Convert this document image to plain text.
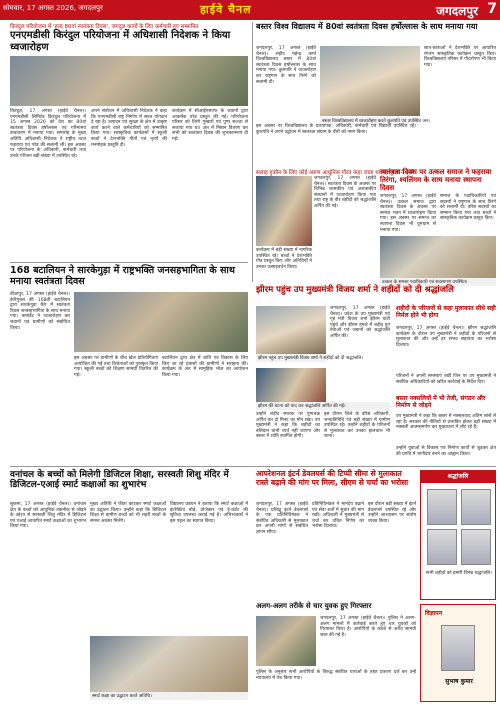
सोमवार, 17 अगस्त 2026, जगदलपुर	हाईवे चैनल	जगदलपुर 7
किरंदुल परियोजना में 'हल्द 80वां स्वतंत्रता दिवस', जगदुल कार्यों के लिए कर्मचारी हुए सम्मानित
एनएमडीसी किरंदुल परियोजना में अधिशासी निदेशक ने किया ध्वजारोहण
किरंदुल, 17 अगस्त (हाईवे चैनल)। एनएमडीसी लिमिटेड किरंदुल परियोजना में 15 अगस्त 2026 को देश का 80वां स्वतंत्रता दिवस हर्षोल्लास एवं गरिमामय वातावरण में मनाया गया। समारोह के मुख्य अतिथि अधिशासी निदेशक ने राष्ट्रीय ध्वज फहराया एवं परेड की सलामी ली। इस अवसर पर परियोजना के अधिकारी, कर्मचारी तथा उनके परिजन बड़ी संख्या में उपस्थित रहे।
अपने संबोधन में अधिशासी निदेशक ने कहा कि एनएमडीसी राष्ट्र निर्माण में सतत योगदान दे रहा है। उत्पादन एवं सुरक्षा के क्षेत्र में उत्कृष्ट कार्य करने वाले कर्मचारियों को सम्मानित किया गया। सांस्कृतिक कार्यक्रमों में स्कूली बच्चों ने देशभक्ति गीतों एवं नृत्यों की मनमोहक प्रस्तुति दी।
कार्यक्रम में सीआईएसएफ के जवानों द्वारा आकर्षक परेड प्रस्तुत की गई। परियोजना परिसर को तिरंगे गुब्बारों एवं पुष्प सज्जा से सजाया गया था। अंत में मिष्ठान वितरण कर सभी को स्वतंत्रता दिवस की शुभकामनाएं दी गईं।
बस्तर विश्व विद्यालय में 80वां स्वतंत्रता दिवस हर्षोल्लास के साथ मनाया गया
जगदलपुर, 17 अगस्त (हाईवे चैनल)। शहीद महेन्द्र कर्मा विश्वविद्यालय बस्तर में 80वां स्वतंत्रता दिवस हर्षोल्लास के साथ मनाया गया। कुलपति ने ध्वजारोहण कर राष्ट्रगान के साथ तिरंगे को सलामी दी।
बस्तर विश्वविद्यालय में ध्वजारोहण करते कुलपति एवं उपस्थित जन।
इस अवसर पर विश्वविद्यालय के प्राध्यापक, अधिकारी, कर्मचारी एवं विद्यार्थी उपस्थित रहे। कुलपति ने अपने उद्बोधन में स्वतंत्रता संग्राम के वीरों को नमन किया।
छात्र-छात्राओं ने देशभक्ति पर आधारित रंगारंग सांस्कृतिक कार्यक्रम प्रस्तुत किए। विश्वविद्यालय परिसर में पौधरोपण भी किया गया।
सलाह हुकौन के लिए कोई अरुण आधुनिक गौरव कहा जाता था वह गुप्ता ने आगे
जगदलपुर, 17 अगस्त (हाईवे चैनल)। स्वतंत्रता दिवस के अवसर पर विभिन्न शासकीय एवं अशासकीय संस्थानों में ध्वजारोहण किया गया तथा राष्ट्र के वीर शहीदों को श्रद्धांजलि अर्पित की गई।
कार्यक्रम में बड़ी संख्या में नागरिक उपस्थित रहे। बच्चों ने देशभक्ति गीत प्रस्तुत किए और अतिथियों ने उनका उत्साहवर्धन किया।
स्वतंत्रता दिवस पर उत्कल समाज ने फहराया तिरंगा, श्यलिंगम के साथ मनाया स्थापना दिवस
जगदलपुर, 17 अगस्त (हाईवे चैनल)। उत्कल समाज द्वारा स्वतंत्रता दिवस के अवसर पर समाज भवन में ध्वजारोहण किया गया। इस अवसर पर समाज का स्थापना दिवस भी धूमधाम से मनाया गया।
समाज के पदाधिकारियों एवं सदस्यों ने राष्ट्रगान के साथ तिरंगे को सलामी दी। वरिष्ठ सदस्यों का सम्मान किया गया तथा बच्चों ने सांस्कृतिक कार्यक्रम प्रस्तुत किए।
उत्कल के समस्त पदाधिकारी एवं सदस्यगण उपस्थित।
168 बटालियन ने सारकेगुड़ा में राष्ट्रभक्ति जनसहभागिता के साथ मनाया स्वतंत्रता दिवस
बीजापुर, 17 अगस्त (हाईवे चैनल)। केरिपुबल की 168वीं बटालियन द्वारा सारकेगुड़ा कैंप में स्वतंत्रता दिवस जनसहभागिता के साथ मनाया गया। कमांडेंट ने ध्वजारोहण कर जवानों एवं ग्रामीणों को संबोधित किया।
इस अवसर पर ग्रामीणों के बीच खेल प्रतियोगिताएं आयोजित की गईं तथा विजेताओं को पुरस्कृत किया गया। स्कूली बच्चों को शिक्षण सामग्री वितरित की गई।
बटालियन द्वारा क्षेत्र में शांति एवं विकास के लिए किए जा रहे प्रयासों की ग्रामीणों ने सराहना की। कार्यक्रम के अंत में सामूहिक भोज का आयोजन किया गया।
झीरम पहुंच उप मुख्यमंत्री विजय शर्मा ने शहीदों को दी श्रद्धांजलि
झीरम पहुंच उप मुख्यमंत्री विजय शर्मा ने शहीदों को दी श्रद्धांजलि।
जगदलपुर, 17 अगस्त (हाईवे चैनल)। प्रदेश के उप मुख्यमंत्री एवं गृह मंत्री विजय शर्मा झीरम घाटी पहुंचे और झीरम हमले में शहीद हुए नेताओं एवं जवानों को श्रद्धांजलि अर्पित की।
झीरम की घटना को याद कर श्रद्धांजलि अर्पित की गई।
उन्होंने शहीद स्मारक पर पुष्पचक्र अर्पित कर दो मिनट का मौन रखा। उप मुख्यमंत्री ने कहा कि शहीदों का बलिदान कभी व्यर्थ नहीं जाएगा और बस्तर में शांति स्थापित होगी।
इस दौरान जिले के वरिष्ठ अधिकारी, जनप्रतिनिधि एवं बड़ी संख्या में ग्रामीण उपस्थित रहे। उन्होंने शहीदों के परिजनों से मुलाकात कर उनका हालचाल भी जाना।
शहीदों के परिजनों से कहा मुलाकात सीधे सही निर्मल होने भी होगा
जगदलपुर, 17 अगस्त (हाईवे चैनल)। झीरम श्रद्धांजलि कार्यक्रम के दौरान उप मुख्यमंत्री ने शहीदों के परिजनों से मुलाकात की और उन्हें हर संभव सहायता का भरोसा दिलाया।
परिजनों ने अपनी समस्याएं रखीं जिन पर उप मुख्यमंत्री ने संबंधित अधिकारियों को त्वरित कार्रवाई के निर्देश दिए।
बस्तर नक्सलियों में भी तेजी, संगठन और निर्माण से जोड़ने
उप मुख्यमंत्री ने कहा कि बस्तर में नक्सलवाद अंतिम सांसें ले रहा है। सरकार की नीतियों से प्रभावित होकर बड़ी संख्या में नक्सली आत्मसमर्पण कर मुख्यधारा में लौट रहे हैं।
उन्होंने युवाओं से विकास एवं निर्माण कार्यों से जुड़कर क्षेत्र की प्रगति में भागीदार बनने का आह्वान किया।
वनांचल के बच्चों को मिलेगी डिजिटल शिक्षा, सरस्वती शिशु मंदिर में डिजिटल-एआई स्मार्ट कक्षाओं का शुभारंभ
सुकमा, 17 अगस्त (हाईवे चैनल)। वनांचल क्षेत्र के बच्चों को आधुनिक तकनीक से जोड़ने के उद्देश्य से सरस्वती शिशु मंदिर में डिजिटल एवं एआई आधारित स्मार्ट कक्षाओं का शुभारंभ किया गया।
मुख्य अतिथि ने फीता काटकर स्मार्ट कक्षाओं का उद्घाटन किया। उन्होंने कहा कि डिजिटल शिक्षा से ग्रामीण बच्चों को भी शहरी बच्चों के समान अवसर मिलेंगे।
विद्यालय प्रबंधन ने बताया कि स्मार्ट कक्षाओं में इंटरैक्टिव बोर्ड, प्रोजेक्टर एवं ई-कंटेंट की सुविधा उपलब्ध कराई गई है। अभिभावकों ने इस पहल का स्वागत किया।
स्मार्ट कक्षा का उद्घाटन करते अतिथि।
आपरेशनल इंटर्न डेवलपर्स की टिप्पी सीमा से मुलाकात रास्ते बढ़ाने की मांग पर मिला, सीएम से चर्चा का भरोसा
जगदलपुर, 17 अगस्त (हाईवे चैनल)। प्रशिक्षु इंटर्न डेवलपर्स के एक प्रतिनिधिमंडल ने संबंधित अधिकारी से मुलाकात कर अपनी मांगों से संबंधित ज्ञापन सौंपा।
प्रतिनिधिमंडल ने मानदेय बढ़ाने एवं सेवा शर्तों में सुधार की मांग रखी। अधिकारी ने मुख्यमंत्री से चर्चा कर उचित निर्णय का भरोसा दिलाया।
इस दौरान बड़ी संख्या में इंटर्न डेवलपर्स उपस्थित रहे और उन्होंने आश्वासन पर संतोष व्यक्त किया।
अलग-अलग तरीके से चार युवक हुए गिरफ्तार
जगदलपुर, 17 अगस्त (हाईवे चैनल)। पुलिस ने अलग-अलग मामलों में कार्रवाई करते हुए चार युवकों को गिरफ्तार किया है। आरोपियों के कब्जे से अवैध सामग्री जब्त की गई है।
पुलिस के अनुसार सभी आरोपियों के विरुद्ध संबंधित धाराओं के तहत प्रकरण दर्ज कर उन्हें न्यायालय में पेश किया गया।
श्रद्धांजलि
सभी शहीदों को हमारी विनम्र श्रद्धांजलि।
विज्ञापन
सुभाष कुमार
